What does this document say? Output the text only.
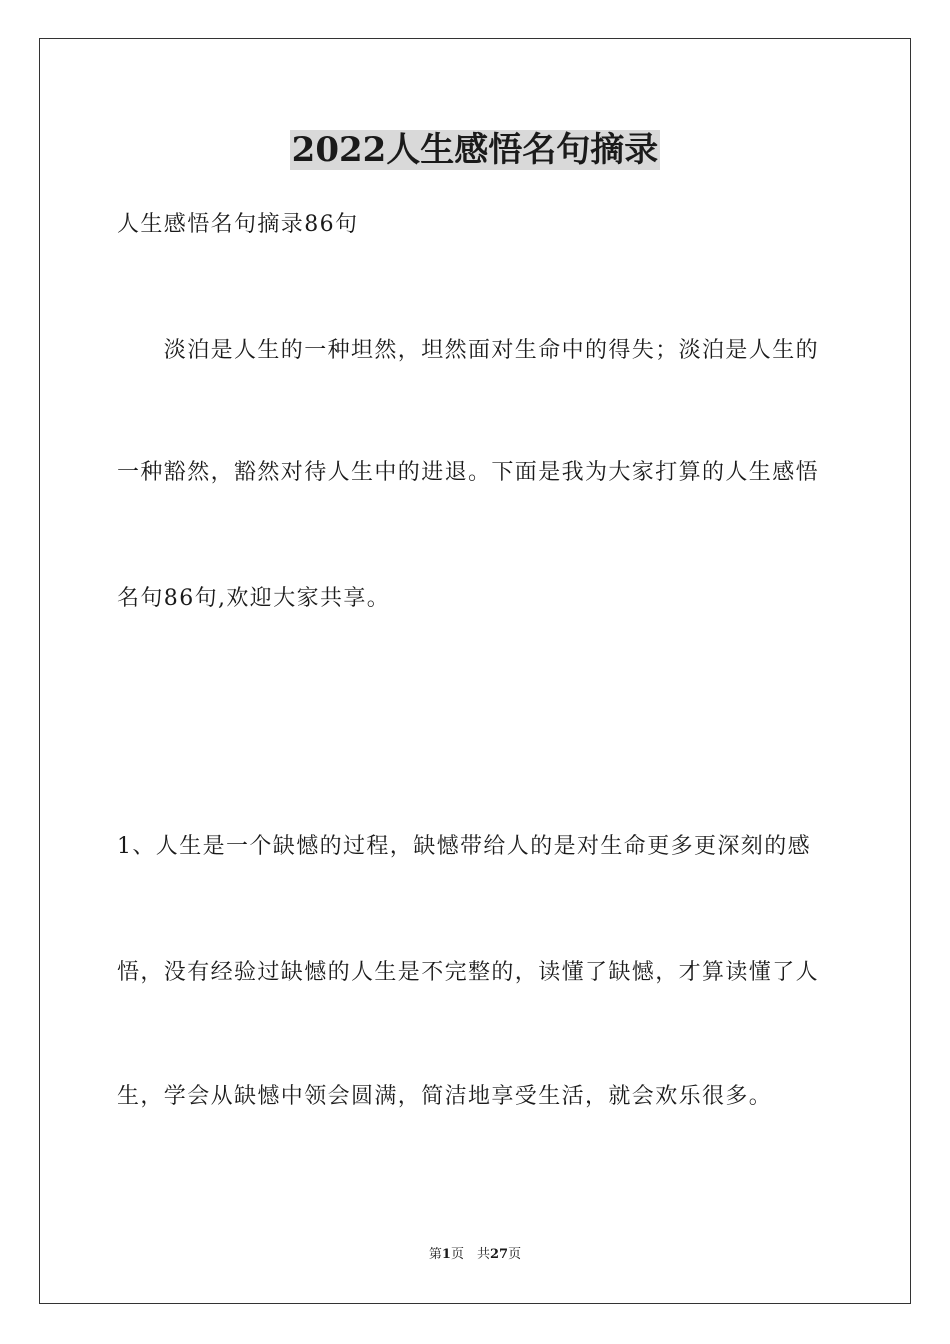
2022人生感悟名句摘录
人生感悟名句摘录86句
　　淡泊是人生的一种坦然，坦然面对生命中的得失；淡泊是人生的
一种豁然，豁然对待人生中的进退。下面是我为大家打算的人生感悟
名句86句,欢迎大家共享。
1、人生是一个缺憾的过程，缺憾带给人的是对生命更多更深刻的感
悟，没有经验过缺憾的人生是不完整的，读懂了缺憾，才算读懂了人
生，学会从缺憾中领会圆满，简洁地享受生活，就会欢乐很多。
第1页　共27页
